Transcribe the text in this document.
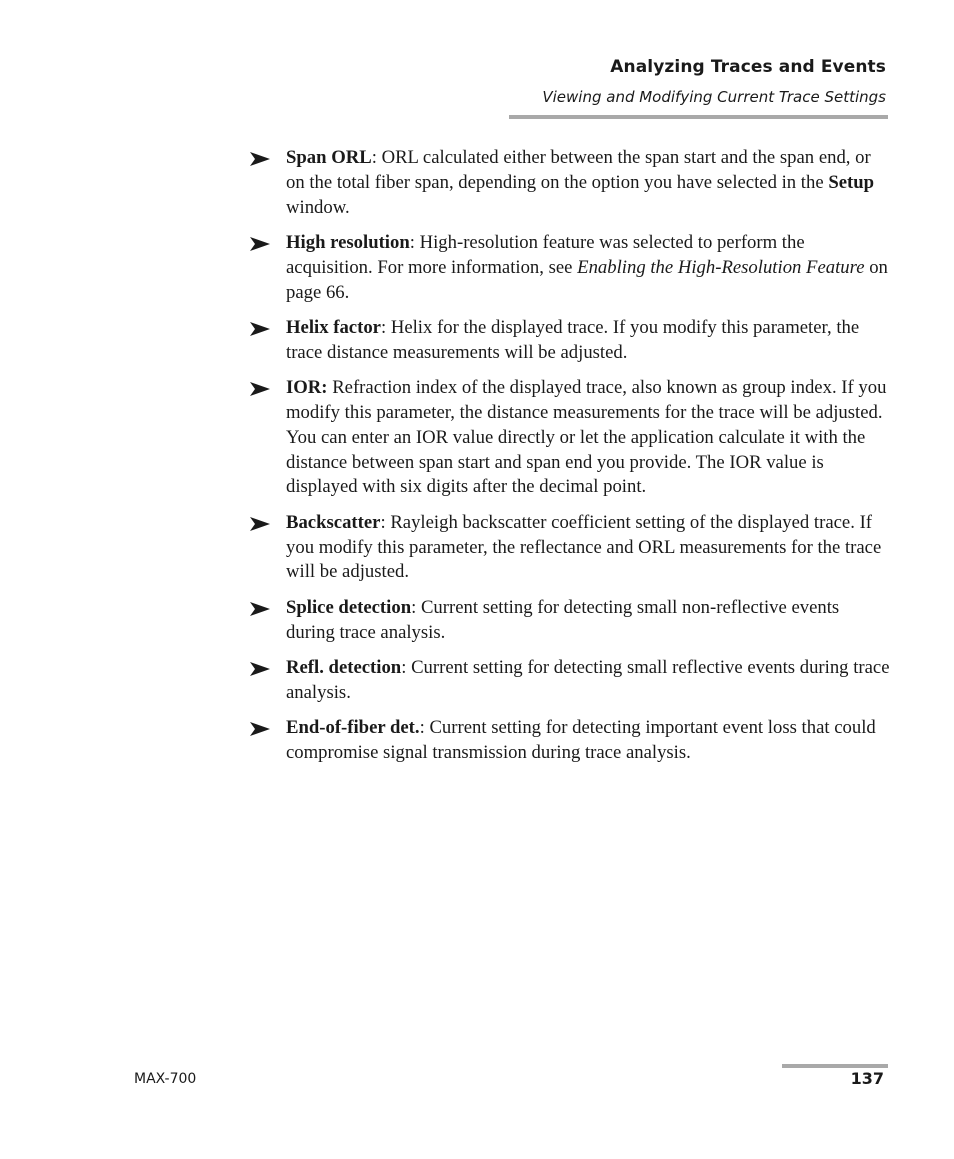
Analyzing Traces and Events
Viewing and Modifying Current Trace Settings
Span ORL: ORL calculated either between the span start and the span end, or on the total fiber span, depending on the option you have selected in the Setup window.
High resolution: High-resolution feature was selected to perform the acquisition. For more information, see Enabling the High-Resolution Feature on page 66.
Helix factor: Helix for the displayed trace. If you modify this parameter, the trace distance measurements will be adjusted.
IOR: Refraction index of the displayed trace, also known as group index. If you modify this parameter, the distance measurements for the trace will be adjusted. You can enter an IOR value directly or let the application calculate it with the distance between span start and span end you provide. The IOR value is displayed with six digits after the decimal point.
Backscatter: Rayleigh backscatter coefficient setting of the displayed trace. If you modify this parameter, the reflectance and ORL measurements for the trace will be adjusted.
Splice detection: Current setting for detecting small non-reflective events during trace analysis.
Refl. detection: Current setting for detecting small reflective events during trace analysis.
End-of-fiber det.: Current setting for detecting important event loss that could compromise signal transmission during trace analysis.
MAX-700	137
